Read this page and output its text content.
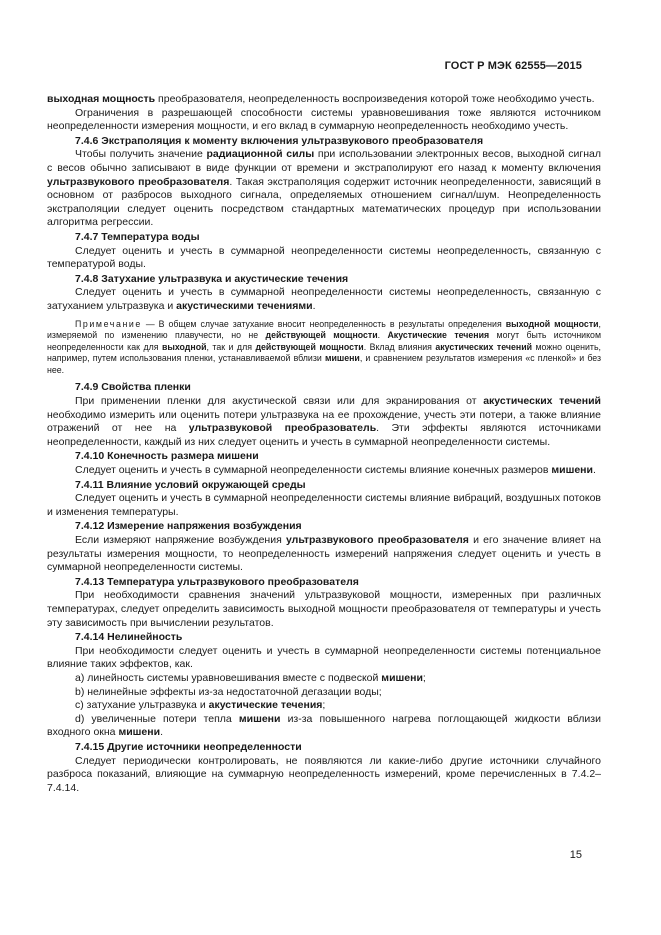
ГОСТ Р МЭК 62555—2015

выходная мощность преобразователя, неопределенность воспроизведения которой тоже необходимо учесть.

Ограничения в разрешающей способности системы уравновешивания тоже являются источником неопределенности измерения мощности, и его вклад в суммарную неопределенность необходимо учесть.

7.4.6 Экстраполяция к моменту включения ультразвукового преобразователя

Чтобы получить значение радиационной силы при использовании электронных весов, выходной сигнал с весов обычно записывают в виде функции от времени и экстраполируют его назад к моменту включения ультразвукового преобразователя. Такая экстраполяция содержит источник неопределенности, зависящий в основном от разбросов выходного сигнала, определяемых отношением сигнал/шум. Неопределенность экстраполяции следует оценить посредством стандартных математических процедур при использовании алгоритма регрессии.

7.4.7 Температура воды

Следует оценить и учесть в суммарной неопределенности системы неопределенность, связанную с температурой воды.

7.4.8 Затухание ультразвука и акустические течения

Следует оценить и учесть в суммарной неопределенности системы неопределенность, связанную с затуханием ультразвука и акустическими течениями.

Примечание — В общем случае затухание вносит неопределенность в результаты определения выходной мощности, измеряемой по изменению плавучести, но не действующей мощности. Акустические течения могут быть источником неопределенности как для выходной, так и для действующей мощности. Вклад влияния акустических течений можно оценить, например, путем использования пленки, устанавливаемой вблизи мишени, и сравнением результатов измерения «с пленкой» и без нее.

7.4.9 Свойства пленки

При применении пленки для акустической связи или для экранирования от акустических течений необходимо измерить или оценить потери ультразвука на ее прохождение, учесть эти потери, а также влияние отражений от нее на ультразвуковой преобразователь. Эти эффекты являются источниками неопределенности, каждый из них следует оценить и учесть в суммарной неопределенности системы.

7.4.10 Конечность размера мишени

Следует оценить и учесть в суммарной неопределенности системы влияние конечных размеров мишени.

7.4.11 Влияние условий окружающей среды

Следует оценить и учесть в суммарной неопределенности системы влияние вибраций, воздушных потоков и изменения температуры.

7.4.12 Измерение напряжения возбуждения

Если измеряют напряжение возбуждения ультразвукового преобразователя и его значение влияет на результаты измерения мощности, то неопределенность измерений напряжения следует оценить и учесть в суммарной неопределенности системы.

7.4.13 Температура ультразвукового преобразователя

При необходимости сравнения значений ультразвуковой мощности, измеренных при различных температурах, следует определить зависимость выходной мощности преобразователя от температуры и учесть эту зависимость при вычислении результатов.

7.4.14 Нелинейность

При необходимости следует оценить и учесть в суммарной неопределенности системы потенциальное влияние таких эффектов, как.

а) линейность системы уравновешивания вместе с подвеской мишени;

b) нелинейные эффекты из-за недостаточной дегазации воды;

c) затухание ультразвука и акустические течения;

d) увеличенные потери тепла мишени из-за повышенного нагрева поглощающей жидкости вблизи входного окна мишени.

7.4.15 Другие источники неопределенности

Следует периодически контролировать, не появляются ли какие-либо другие источники случайного разброса показаний, влияющие на суммарную неопределенность измерений, кроме перечисленных в 7.4.2–7.4.14.

15
